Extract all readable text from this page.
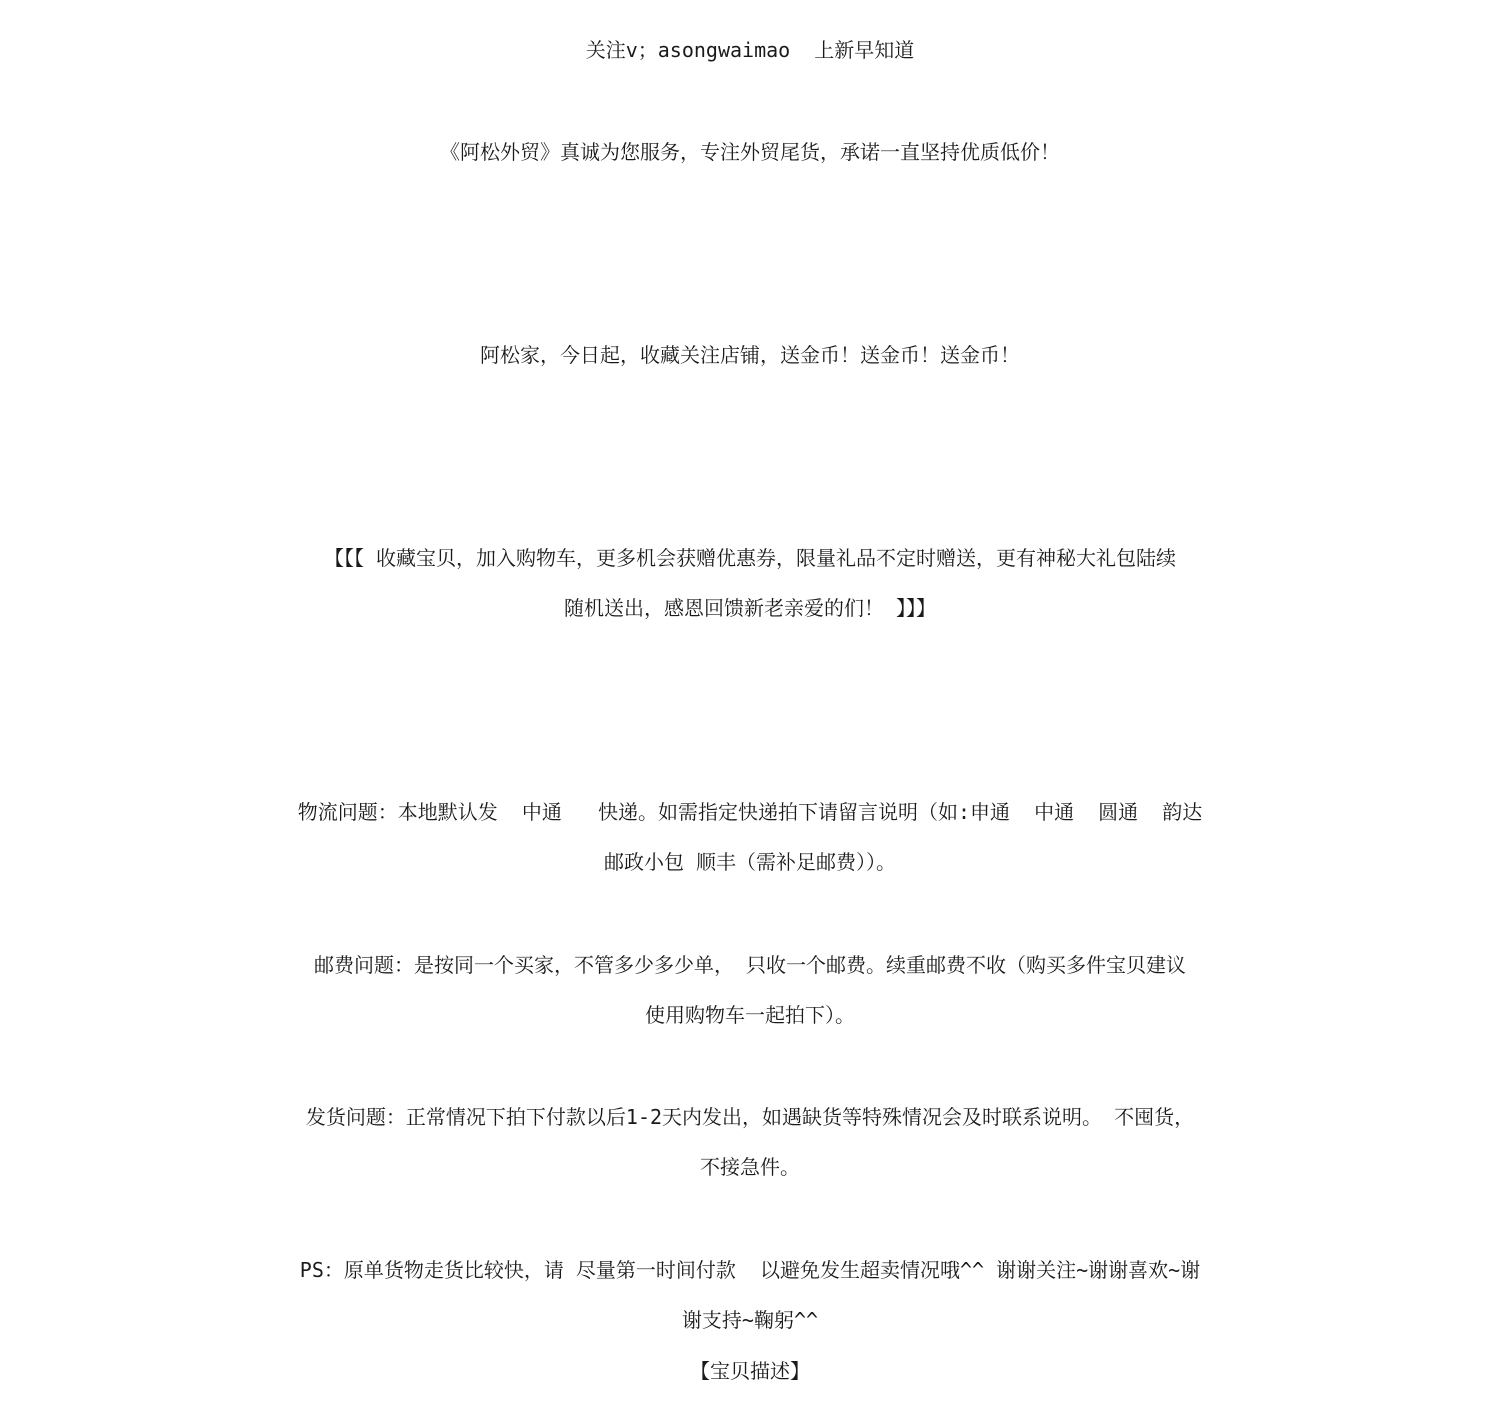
关注v；asongwaimao  上新早知道
《阿松外贸》真诚为您服务，专注外贸尾货，承诺一直坚持优质低价！
阿松家，今日起，收藏关注店铺，送金币！送金币！送金币！
【【【 收藏宝贝，加入购物车，更多机会获赠优惠券，限量礼品不定时赠送，更有神秘大礼包陆续
随机送出，感恩回馈新老亲爱的们！ 】】】
物流问题：本地默认发  中通   快递。如需指定快递拍下请留言说明（如:申通  中通  圆通  韵达
邮政小包 顺丰（需补足邮费））。
邮费问题：是按同一个买家，不管多少多少单， 只收一个邮费。续重邮费不收（购买多件宝贝建议
使用购物车一起拍下）。
发货问题：正常情况下拍下付款以后1-2天内发出，如遇缺货等特殊情况会及时联系说明。 不囤货，
不接急件。
PS：原单货物走货比较快，请 尽量第一时间付款  以避免发生超卖情况哦^^ 谢谢关注~谢谢喜欢~谢
谢支持~鞠躬^^
【宝贝描述】
